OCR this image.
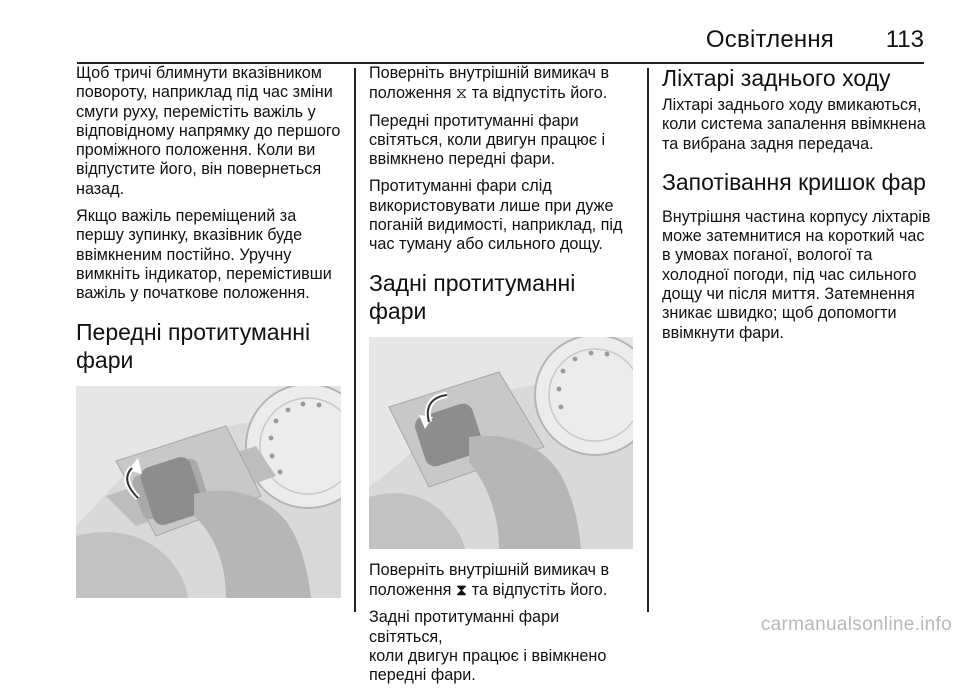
Освітлення 113

Щоб тричі блимнути вказівником
повороту, наприклад під час зміни
смуги руху, перемістіть важіль у
відповідному напрямку до першого
проміжного положення. Коли ви
відпустите його, він повернеться
назад.

Якщо важіль переміщений за
першу зупинку, вказівник буде
ввімкненим постійно. Уручну
вимкніть індикатор, перемістивши
важіль у початкове положення.

Передні протитуманні
фари

Поверніть внутрішній вимикач в
положення ⧖ та відпустіть його.

Передні протитуманні фари
світяться, коли двигун працює і
ввімкнено передні фари.

Протитуманні фари слід
використовувати лише при дуже
поганій видимості, наприклад, під
час туману або сильного дощу.

Задні протитуманні фари

Поверніть внутрішній вимикач в
положення ⧗ та відпустіть його.

Задні протитуманні фари світяться,
коли двигун працює і ввімкнено
передні фари.

Ліхтарі заднього ходу

Ліхтарі заднього ходу вмикаються,
коли система запалення ввімкнена
та вибрана задня передача.

Запотівання кришок фар

Внутрішня частина корпусу ліхтарів
може затемнитися на короткий час
в умовах поганої, вологої та
холодної погоди, під час сильного
дощу чи після миття. Затемнення
зникає швидко; щоб допомогти
ввімкнути фари.

carmanualsonline.info
